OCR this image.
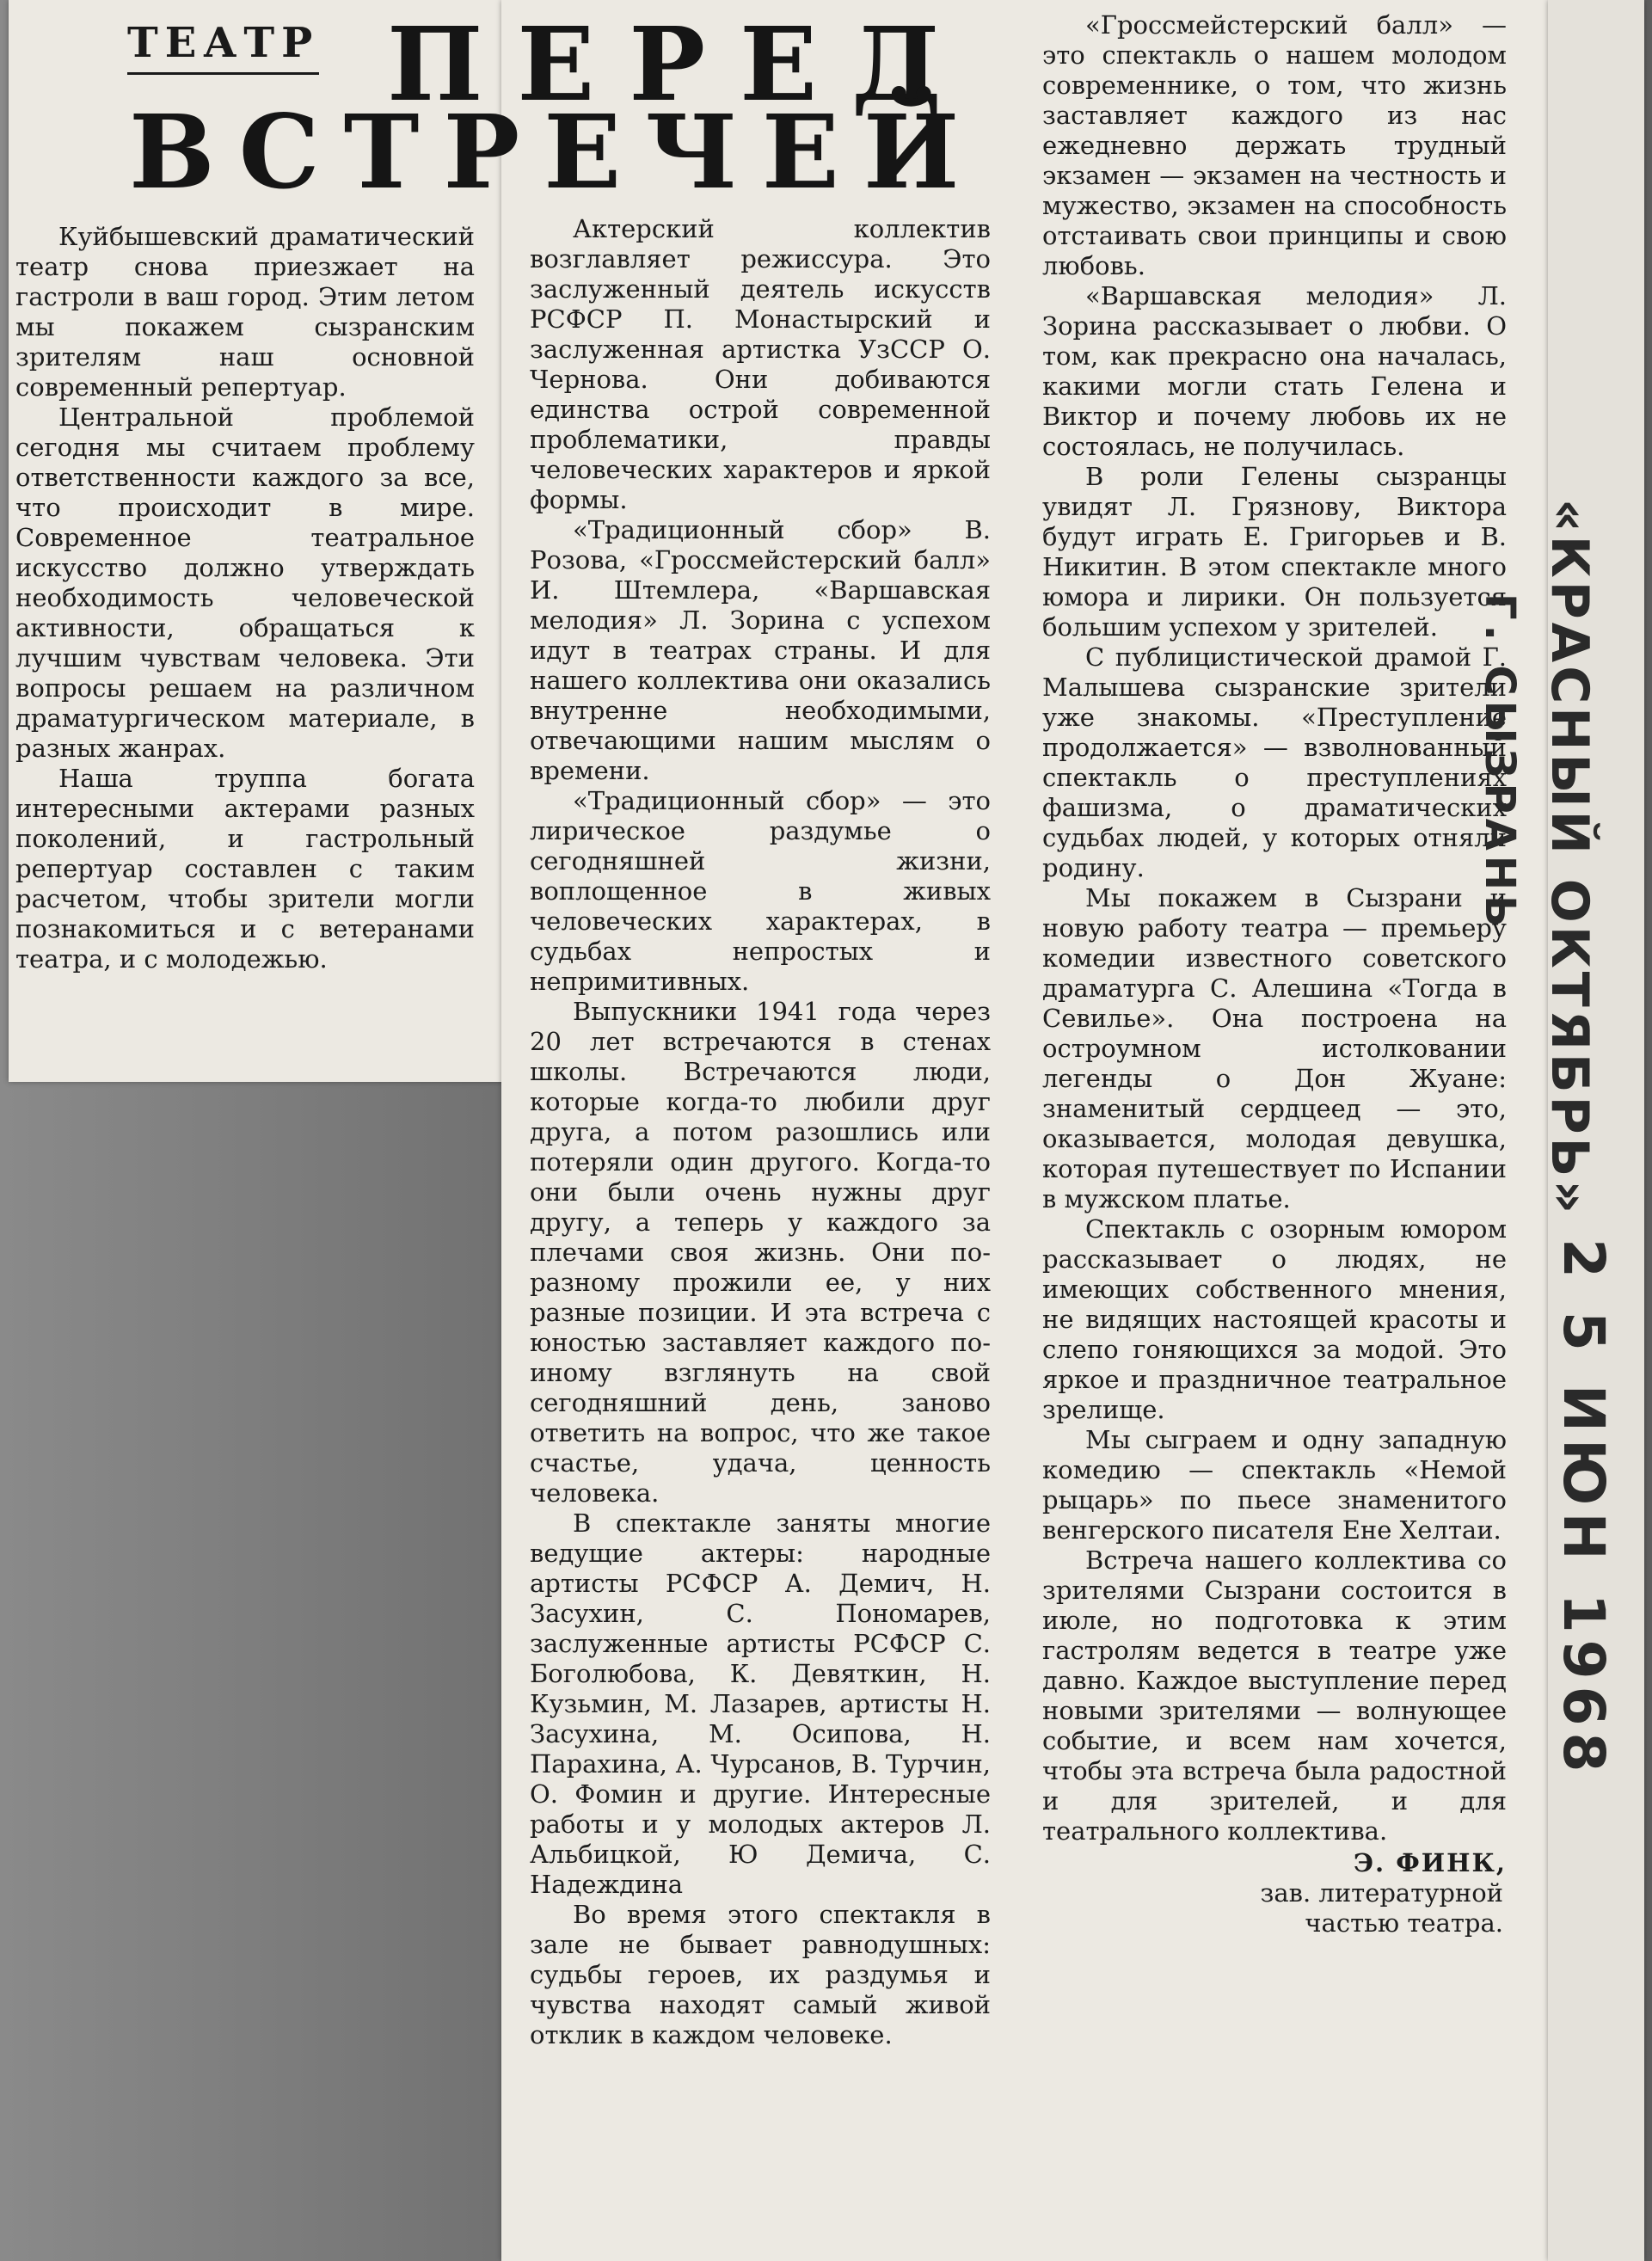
ТЕАТР ПЕРЕД
ВСТРЕЧЕЙ

Куйбышевский драматический театр снова приезжает на гастроли в ваш город. Этим летом мы покажем сызранским зрителям наш основной современный репертуар.

Центральной проблемой сегодня мы считаем проблему ответственности каждого за все, что происходит в мире. Современное театральное искусство должно утверждать необходимость человеческой активности, обращаться к лучшим чувствам человека. Эти вопросы решаем на различном драматургическом материале, в разных жанрах.

Наша труппа богата интересными актерами разных поколений, и гастрольный репертуар составлен с таким расчетом, чтобы зрители могли познакомиться и с ветеранами театра, и с молодежью.

Актерский коллектив возглавляет режиссура. Это заслуженный деятель искусств РСФСР П. Монастырский и заслуженная артистка УзССР О. Чернова. Они добиваются единства острой современной проблематики, правды человеческих характеров и яркой формы.

«Традиционный сбор» В. Розова, «Гроссмейстерский балл» И. Штемлера, «Варшавская мелодия» Л. Зорина с успехом идут в театрах страны. И для нашего коллектива они оказались внутренне необходимыми, отвечающими нашим мыслям о времени.

«Традиционный сбор» — это лирическое раздумье о сегодняшней жизни, воплощенное в живых человеческих характерах, в судьбах непростых и непримитивных.

Выпускники 1941 года через 20 лет встречаются в стенах школы. Встречаются люди, которые когда-то любили друг друга, а потом разошлись или потеряли один другого. Когда-то они были очень нужны друг другу, а теперь у каждого за плечами своя жизнь. Они по-разному прожили ее, у них разные позиции. И эта встреча с юностью заставляет каждого по-иному взглянуть на свой сегодняшний день, заново ответить на вопрос, что же такое счастье, удача, ценность человека.

В спектакле заняты многие ведущие актеры: народные артисты РСФСР А. Демич, Н. Засухин, С. Пономарев, заслуженные артисты РСФСР С. Боголюбова, К. Девяткин, Н. Кузьмин, М. Лазарев, артисты Н. Засухина, М. Осипова, Н. Парахина, А. Чурсанов, В. Турчин, О. Фомин и другие. Интересные работы и у молодых актеров Л. Альбицкой, Ю Демича, С. Надеждина

Во время этого спектакля в зале не бывает равнодушных: судьбы героев, их раздумья и чувства находят самый живой отклик в каждом человеке.

«Гроссмейстерский балл» — это спектакль о нашем молодом современнике, о том, что жизнь заставляет каждого из нас ежедневно держать трудный экзамен — экзамен на честность и мужество, экзамен на способность отстаивать свои принципы и свою любовь.

«Варшавская мелодия» Л. Зорина рассказывает о любви. О том, как прекрасно она началась, какими могли стать Гелена и Виктор и почему любовь их не состоялась, не получилась.

В роли Гелены сызранцы увидят Л. Грязнову, Виктора будут играть Е. Григорьев и В. Никитин. В этом спектакле много юмора и лирики. Он пользуется большим успехом у зрителей.

С публицистической драмой Г. Малышева сызранские зрители уже знакомы. «Преступление продолжается» — взволнованный спектакль о преступлениях фашизма, о драматических судьбах людей, у которых отняли родину.

Мы покажем в Сызрани и новую работу театра — премьеру комедии известного советского драматурга С. Алешина «Тогда в Севилье». Она построена на остроумном истолковании легенды о Дон Жуане: знаменитый сердцеед — это, оказывается, молодая девушка, которая путешествует по Испании в мужском платье.

Спектакль с озорным юмором рассказывает о людях, не имеющих собственного мнения, не видящих настоящей красоты и слепо гоняющихся за модой. Это яркое и праздничное театральное зрелище.

Мы сыграем и одну западную комедию — спектакль «Немой рыцарь» по пьесе знаменитого венгерского писателя Ене Хелтаи.

Встреча нашего коллектива со зрителями Сызрани состоится в июле, но подготовка к этим гастролям ведется в театре уже давно. Каждое выступление перед новыми зрителями — волнующее событие, и всем нам хочется, чтобы эта встреча была радостной и для зрителей, и для театрального коллектива.

Э. ФИНК,
зав. литературной
частью театра.
«КРАСНЫЙ ОКТЯБРЬ»
Г. СЫЗРАНЬ
2 5 ИЮН 1968
